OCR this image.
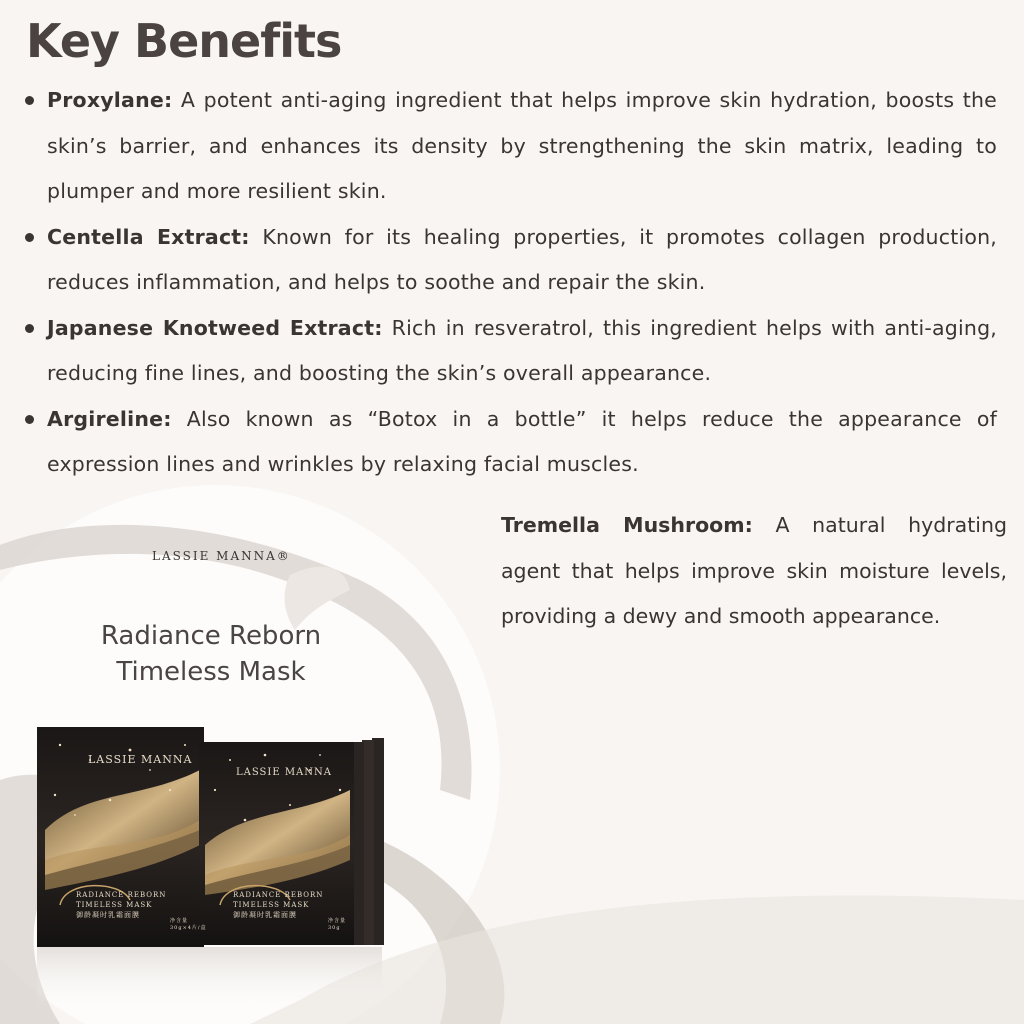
Key Benefits
Proxylane: A potent anti-aging ingredient that helps improve skin hydration, boosts the skin’s barrier, and enhances its density by strengthening the skin matrix, leading to plumper and more resilient skin.
Centella Extract: Known for its healing properties, it promotes collagen production, reduces inflammation, and helps to soothe and repair the skin.
Japanese Knotweed Extract: Rich in resveratrol, this ingredient helps with anti-aging, reducing fine lines, and boosting the skin’s overall appearance.
Argireline: Also known as “Botox in a bottle” it helps reduce the appearance of expression lines and wrinkles by relaxing facial muscles.

Tremella Mushroom: A natural hydrating agent that helps improve skin moisture levels, providing a dewy and smooth appearance.

LASSIE MANNA®
Radiance Reborn
Timeless Mask
LASSIE MANNA
LASSIE MANNA
RADIANCE REBORN
TIMELESS MASK
御龄凝时乳霜面膜
RADIANCE REBORN
TIMELESS MASK
御龄凝时乳霜面膜
净含量
30g×4片/盒
净含量
30g
